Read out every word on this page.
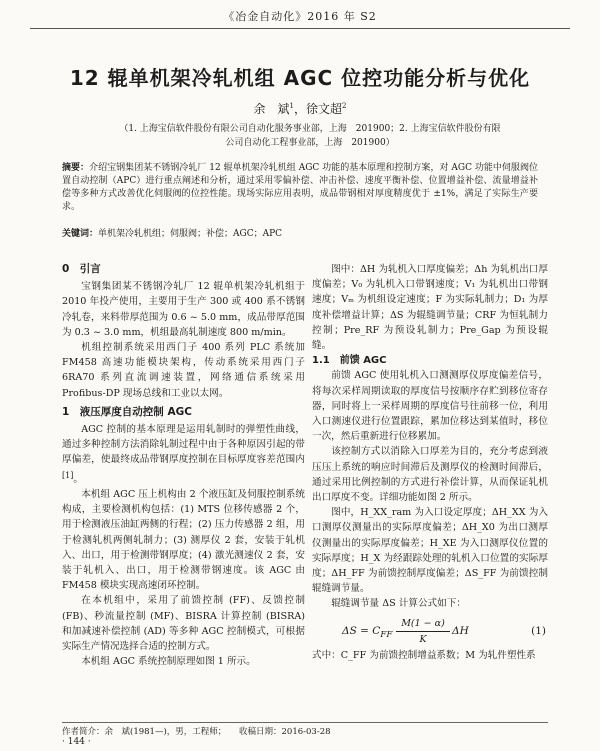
《冶金自动化》2016 年 S2
12 辊单机架冷轧机组 AGC 位控功能分析与优化
余　斌$^1$，徐文超$^2$
（1. 上海宝信软件股份有限公司自动化服务事业部，上海　201900；2. 上海宝信软件股份有限
公司自动化工程事业部，上海　201900）
摘要：介绍宝钢集团某不锈钢冷轧厂 12 辊单机架冷轧机组 AGC 功能的基本原理和控制方案，对 AGC 功能中伺服阀位置自动控制（APC）进行重点阐述和分析，通过采用零偏补偿、冲击补偿、速度平衡补偿、位置增益补偿、流量增益补偿等多种方式改善优化伺服阀的位控性能。现场实际应用表明，成品带钢相对厚度精度优于 ±1%，满足了实际生产要求。
关键词：单机架冷轧机组；伺服阀；补偿；AGC；APC
0　引言

宝钢集团某不锈钢冷轧厂 12 辊单机架冷轧机组于 2010 年投产使用，主要用于生产 300 或 400 系不锈钢冷轧卷，来料带厚范围为 0.6 ~ 5.0 mm，成品带厚范围为 0.3 ~ 3.0 mm，机组最高轧制速度 800 m/min。

机组控制系统采用西门子 400 系列 PLC 系统加 FM458 高速功能模块架构，传动系统采用西门子 6RA70 系列直流调速装置，网络通信系统采用 Profibus-DP 现场总线和工业以太网。

1　液压厚度自动控制 AGC

AGC 控制的基本原理是运用轧制时的弹塑性曲线，通过多种控制方法消除轧制过程中由于各种原因引起的带厚偏差，使最终成品带钢厚度控制在目标厚度容差范围内[1]。

本机组 AGC 压上机构由 2 个液压缸及伺服控制系统构成，主要检测机构包括：(1) MTS 位移传感器 2 个，用于检测液压油缸两侧的行程；(2) 压力传感器 2 组，用于检测轧机两侧轧制力；(3) 测厚仪 2 套，安装于轧机入、出口，用于检测带钢厚度；(4) 激光测速仪 2 套，安装于轧机入、出口，用于检测带钢速度。该 AGC 由 FM458 模块实现高速闭环控制。

在本机组中，采用了前馈控制 (FF)、反馈控制 (FB)、秒流量控制 (MF)、BISRA 计算控制 (BISRA) 和加减速补偿控制 (AD) 等多种 AGC 控制模式，可根据实际生产情况选择合适的控制方式。

本机组 AGC 系统控制原理如图 1 所示。

图中：ΔH 为轧机入口厚度偏差；Δh 为轧机出口厚度偏差；V₀ 为轧机入口带钢速度；V₁ 为轧机出口带钢速度；Vₘ 为机组设定速度；F 为实际轧制力；D₁ 为厚度补偿增益计算；ΔS 为辊缝调节量；CRF 为恒轧制力控制；Pre_RF 为预设轧制力；Pre_Gap 为预设辊缝。

1.1　前馈 AGC

前馈 AGC 使用轧机入口测测厚仪厚度偏差信号，将每次采样周期读取的厚度信号按顺序存贮到移位寄存器，同时将上一采样周期的厚度信号往前移一位，利用入口测速仪进行位置跟踪，累加位移达到某值时，移位一次，然后重新进行位移累加。

该控制方式以消除入口厚差为目的，充分考虑到液压压上系统的响应时间滞后及测厚仪的检测时间滞后，通过采用比例控制的方式进行补偿计算，从而保证轧机出口厚度不变。详细功能如图 2 所示。

图中，H_XX_ram 为入口设定厚度；ΔH_XX 为入口测厚仪测量出的实际厚度偏差；ΔH_X0 为出口测厚仪测量出的实际厚度偏差；H_XE 为入口测厚仪位置的实际厚度；H_X 为经跟踪处理的轧机入口位置的实际厚度；ΔH_FF 为前馈控制厚度偏差；ΔS_FF 为前馈控制辊缝调节量。

辊缝调节量 ΔS 计算公式如下：

$\Delta S = C_{FF} \frac{M(1 - \alpha)}{K}$ ΔH	(1)

式中：C_FF 为前馈控制增益系数；M 为轧件塑性系

作者简介：余　斌(1981—)，男，工程师；　　收稿日期：2016-03-28
· 144 ·
